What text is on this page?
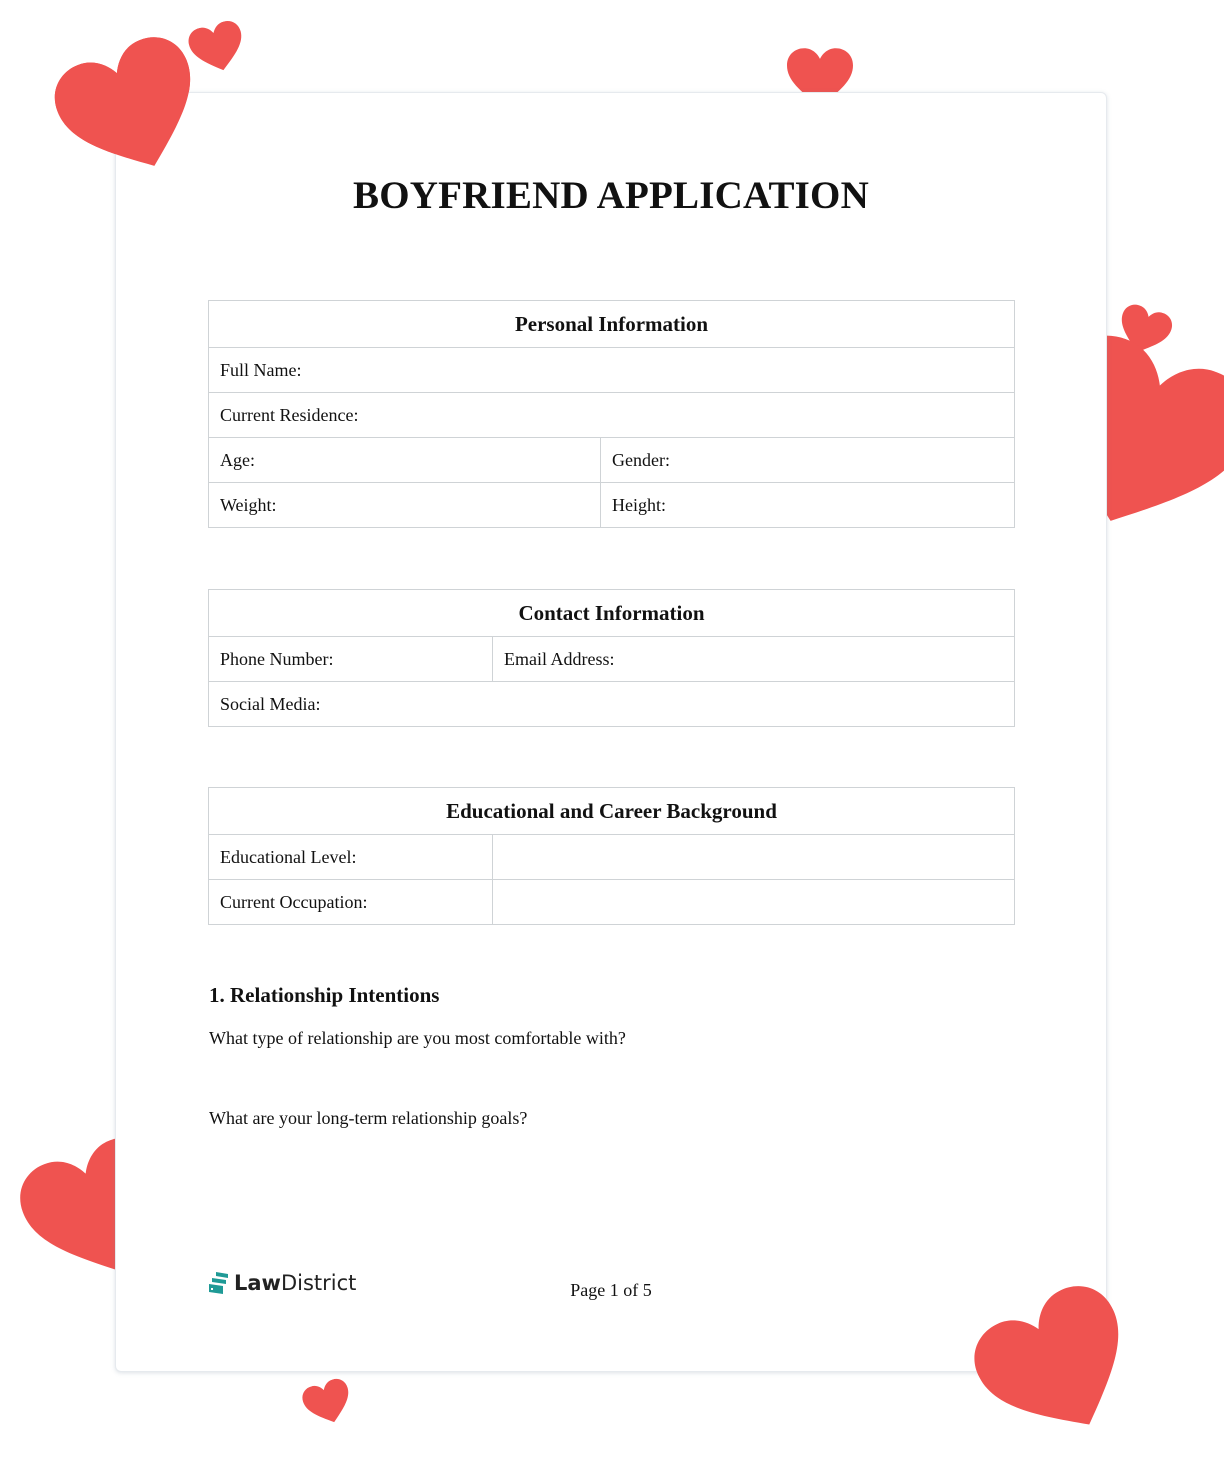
BOYFRIEND APPLICATION
Personal Information	
Full Name:	
Current Residence:	
Age:	Gender:
Weight:	Height:
Contact Information
Phone Number:	Email Address:
Social Media:
Educational and Career Background	
Educational Level:	
Current Occupation:	
1. Relationship Intentions
What type of relationship are you most comfortable with?
What are your long-term relationship goals?
LawDistrict	Page 1 of 5
